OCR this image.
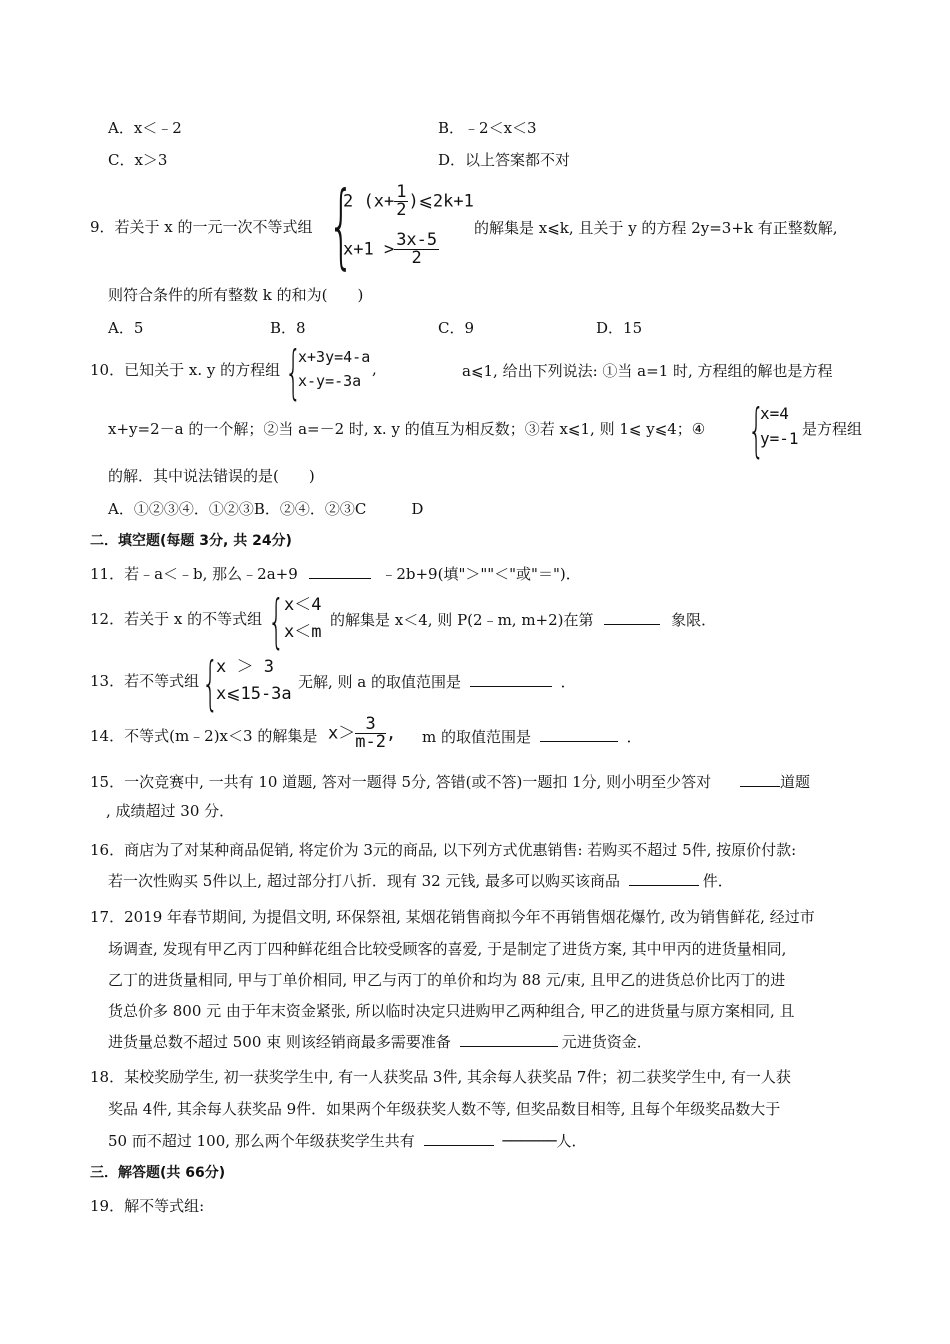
A．x＜﹣2	B．﹣2＜x＜3
C．x＞3	D．以上答案都不对
9．若关于 x 的一元一次不等式组 {
2 ($x+ \frac{1}{2}$ )⩽2k+1
$x+1 > \frac{3x-5}{2}$
的解集是 x⩽k, 且关于 y 的方程 2y=3+k 有正整数解,
则符合条件的所有整数 k 的和为(　　)
A．5	B．8	C．9	D．15
10．已知关于 x. y 的方程组 {
x+3y=4-a
x-y=-3a
,	a⩽1, 给出下列说法: ①当 a=1 时, 方程组的解也是方程
x+y=2－a 的一个解；②当 a=－2 时, x. y 的值互为相反数；③若 x⩽1, 则 1⩽ y⩽4；④ {
x=4
y=-1 是方程组
的解．其中说法错误的是(　　)
A．①②③④．①②③B．②④．②③C　　　D
二．填空题(每题 3分, 共 24分)
11．若﹣a＜﹣b, 那么﹣2a+9	﹣2b+9(填"＞""＜"或"＝")．
12．若关于 x 的不等式组 { x＜4
x＜m
的解集是 x＜4, 则 P(2﹣m, m+2)在第	象限．
13．若不等式组 {
x ＞ 3
x⩽15-3a
无解, 则 a 的取值范围是	．
14．不等式(m﹣2)x＜3 的解集是 $x> \frac{3}{m-2}$ , m 的取值范围是	．
15．一次竞赛中, 一共有 10 道题, 答对一题得 5分, 答错(或不答)一题扣 1分, 则小明至少答对	道题
, 成绩超过 30 分．
16．商店为了对某种商品促销, 将定价为 3元的商品, 以下列方式优惠销售: 若购买不超过 5件, 按原价付款:
若一次性购买 5件以上, 超过部分打八折．现有 32 元钱, 最多可以购买该商品	件．
17．2019 年春节期间, 为提倡文明, 环保祭祖, 某烟花销售商拟今年不再销售烟花爆竹, 改为销售鲜花, 经过市
场调查, 发现有甲乙丙丁四种鲜花组合比较受顾客的喜爱, 于是制定了进货方案, 其中甲丙的进货量相同,
乙丁的进货量相同, 甲与丁单价相同, 甲乙与丙丁的单价和均为 88 元/束, 且甲乙的进货总价比丙丁的进
货总价多 800 元 由于年末资金紧张, 所以临时决定只进购甲乙两种组合, 甲乙的进货量与原方案相同, 且
进货量总数不超过 500 束 则该经销商最多需要准备	元进货资金．
18．某校奖励学生, 初一获奖学生中, 有一人获奖品 3件, 其余每人获奖品 7件；初二获奖学生中, 有一人获
奖品 4件, 其余每人获奖品 9件．如果两个年级获奖人数不等, 但奖品数目相等, 且每个年级奖品数大于
50 而不超过 100, 那么两个年级获奖学生共有	──────人．
三．解答题(共 66分)
19．解不等式组:
